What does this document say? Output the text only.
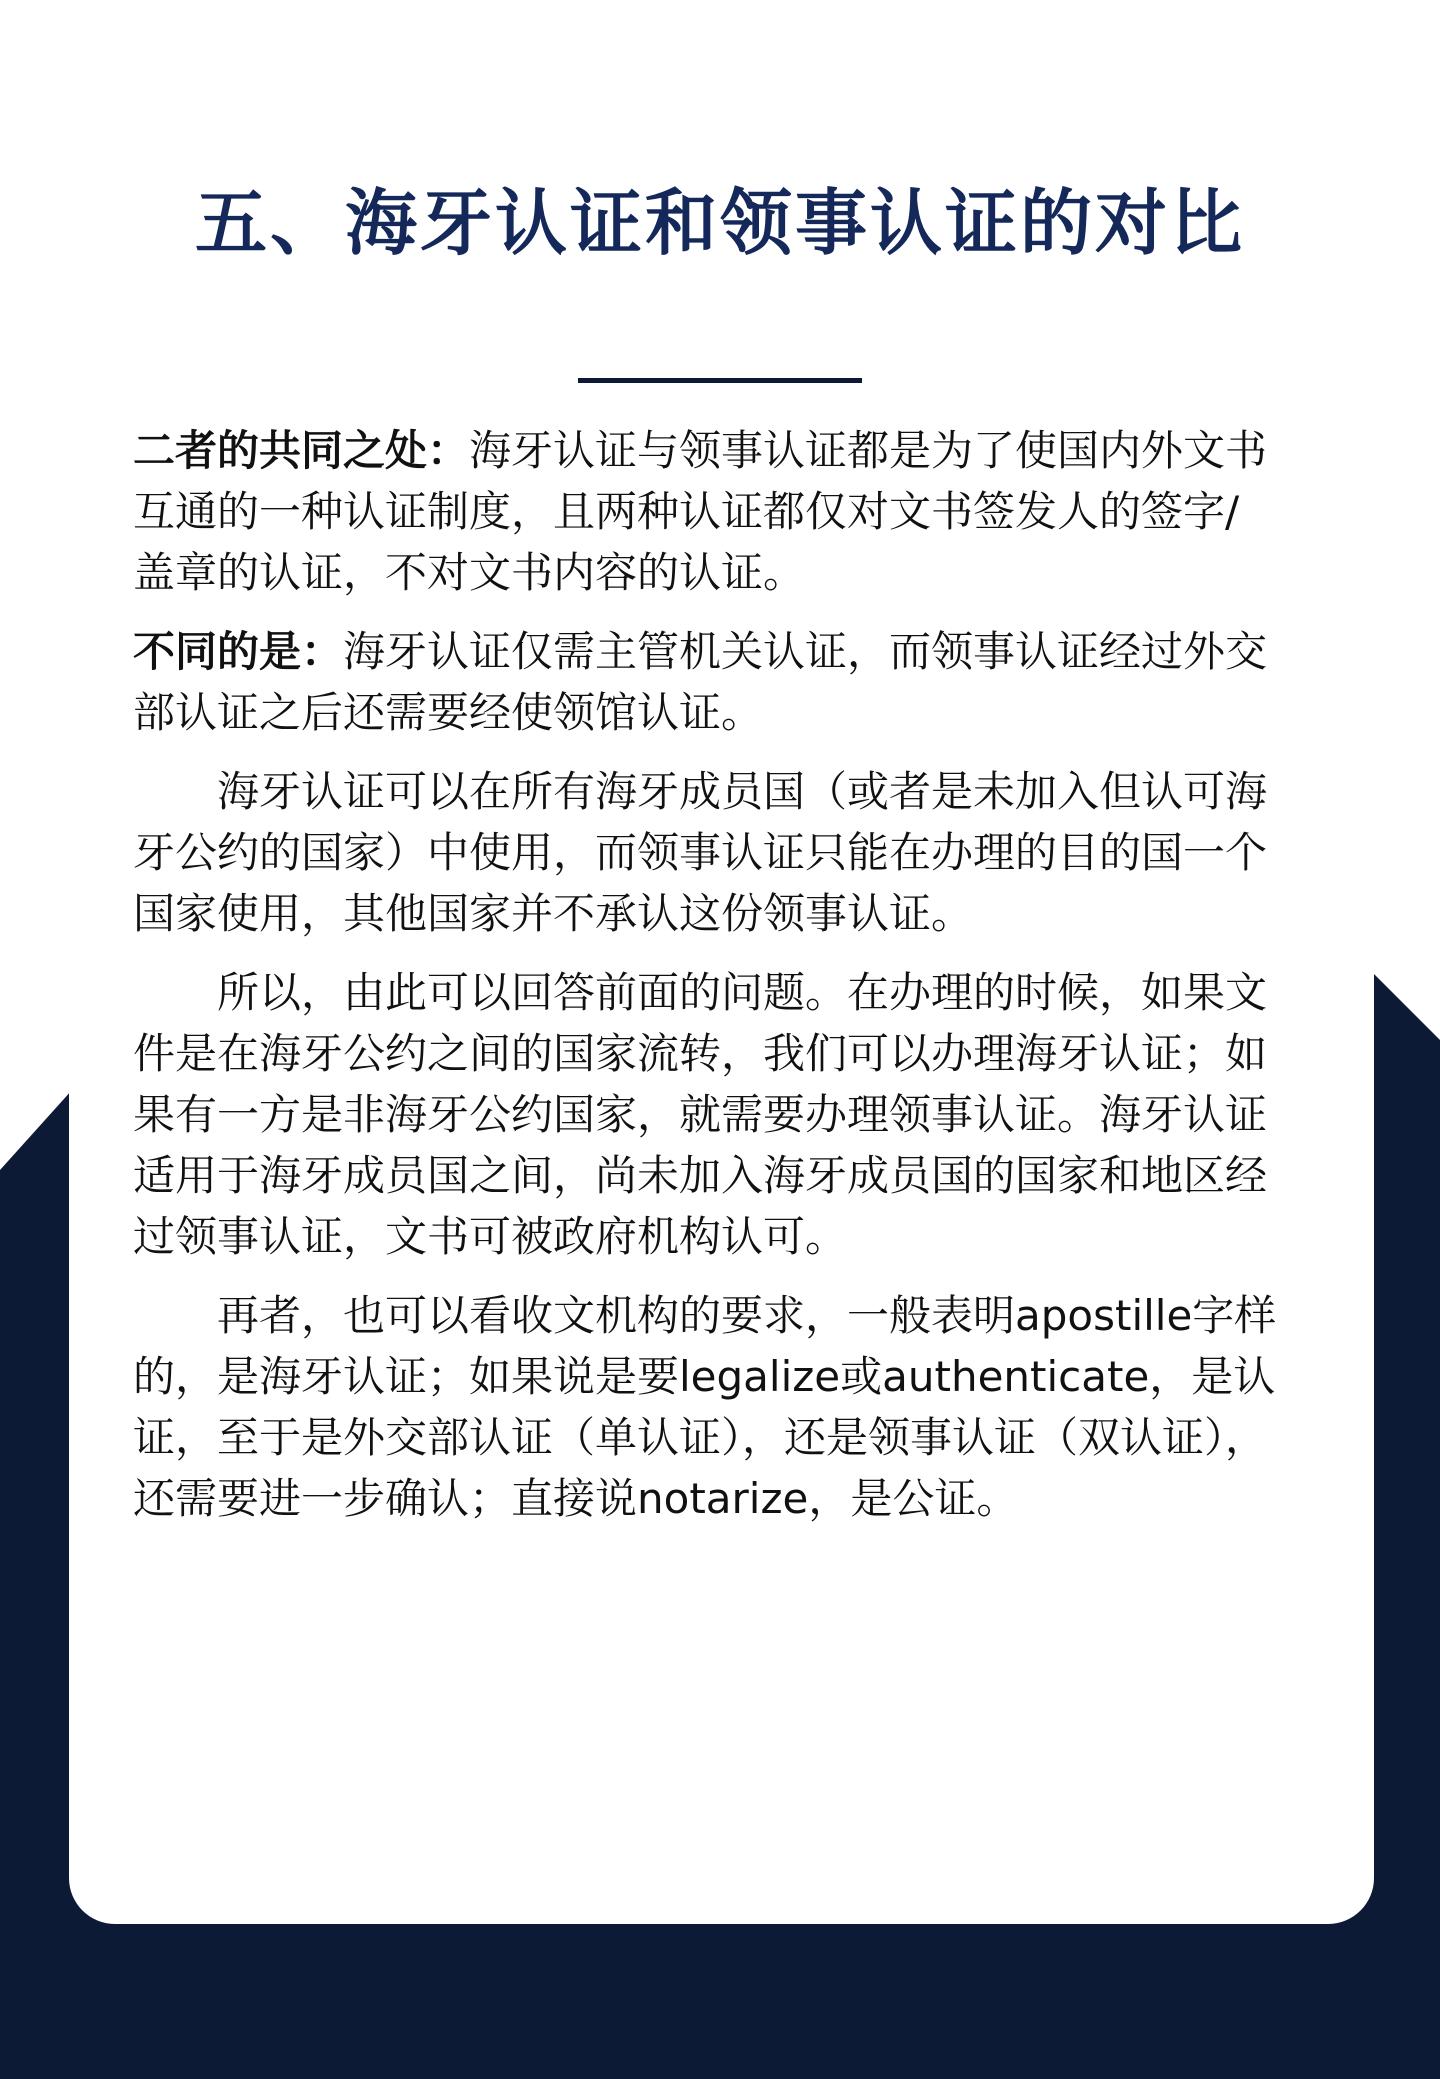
五、海牙认证和领事认证的对比

二者的共同之处：海牙认证与领事认证都是为了使国内外文书互通的一种认证制度，且两种认证都仅对文书签发人的签字/盖章的认证，不对文书内容的认证。

不同的是：海牙认证仅需主管机关认证，而领事认证经过外交部认证之后还需要经使领馆认证。

海牙认证可以在所有海牙成员国（或者是未加入但认可海牙公约的国家）中使用，而领事认证只能在办理的目的国一个国家使用，其他国家并不承认这份领事认证。

所以，由此可以回答前面的问题。在办理的时候，如果文件是在海牙公约之间的国家流转，我们可以办理海牙认证；如果有一方是非海牙公约国家，就需要办理领事认证。海牙认证适用于海牙成员国之间，尚未加入海牙成员国的国家和地区经过领事认证，文书可被政府机构认可。

再者，也可以看收文机构的要求，一般表明apostille字样的，是海牙认证；如果说是要legalize或authenticate，是认证，至于是外交部认证（单认证），还是领事认证（双认证），还需要进一步确认；直接说notarize，是公证。
